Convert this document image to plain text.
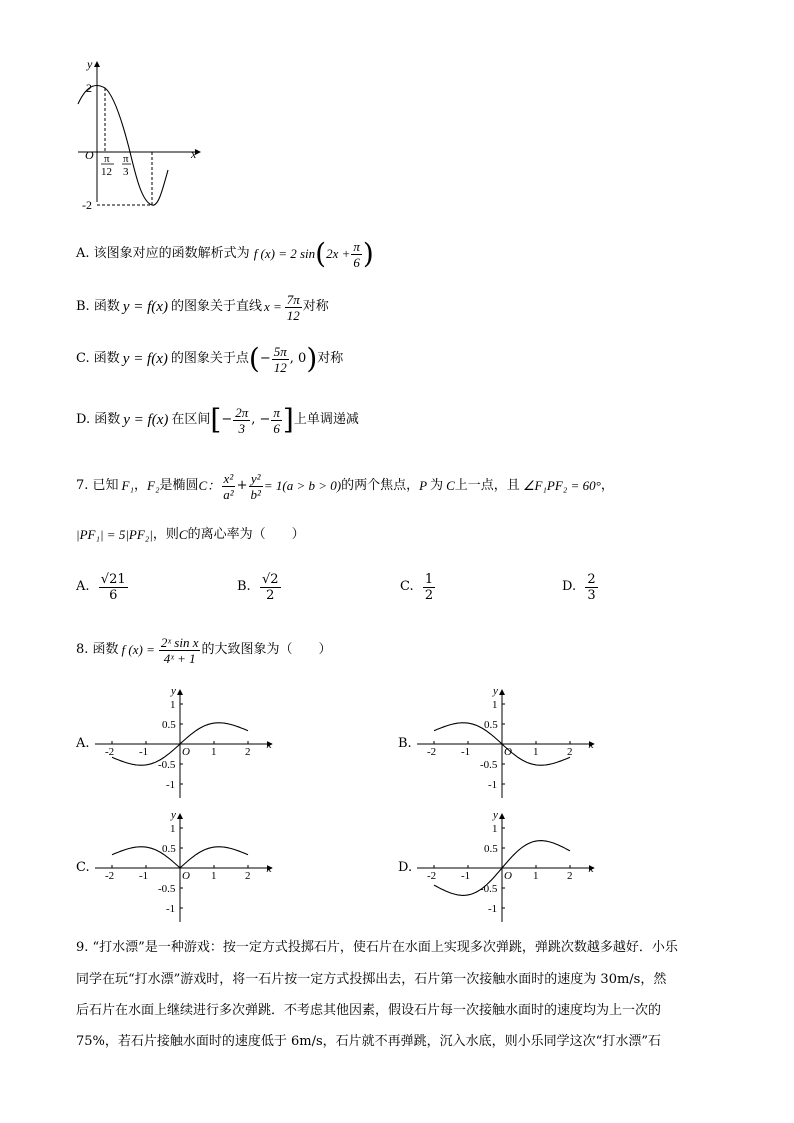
y
x
O
2
-2
π
12
π
3
A.
该图象对应的函数解析式为 f (x) = 2 sin ( $2x + \frac{\pi}{6}$ )
B.
函数 y = f(x) 的图象关于直线 $x = \frac{7\pi}{12}$ 对称
C.
函数 y = f(x) 的图象关于点 ( − $\frac{5\pi}{12}$ , 0 ) 对称
D.
函数 y = f(x) 在区间 [ − $\frac{2\pi}{3}$ , − $\frac{\pi}{6}$ ] 上单调递减
7. 已知 F₁ ， F₂ 是椭圆 C： $\frac{\text{x²}}{\text{a²}} + \frac{\text{y²}}{\text{b²}} = 1(a > b > 0)$ 的两个焦点， P 为 C 上一点，且 ∠F₁PF₂ = 60° ，
|PF₁| = 5|PF₂| ，则 C 的离心率为（　　）
A.
$\frac{√21}{6}$	B.
$\frac{√2}{2}$	C.
$\frac{1}{2}$	D.
$\frac{2}{3}$
8. 函数 f $(x) = \frac{\text{2ˣ sin x}}{\text{4ˣ + 1}}$ 的大致图象为（　　）
A.	B.
C.	D.
y
x
O
1
0.5
-0.5
-1
-2 -1	1	2
y
x
O
1
0.5
-0.5
-1
-2 -1	1	2
y
x
O
1
0.5
-0.5
-1
-2 -1	1	2
y
x
O
1
0.5
-0.5
-1
-2 -1	1	2
9. “打水漂”是一种游戏：按一定方式投掷石片，使石片在水面上实现多次弹跳，弹跳次数越多越好．小乐
同学在玩“打水漂”游戏时，将一石片按一定方式投掷出去，石片第一次接触水面时的速度为 30m/s，然
后石片在水面上继续进行多次弹跳．不考虑其他因素，假设石片每一次接触水面时的速度均为上一次的
75%，若石片接触水面时的速度低于 6m/s，石片就不再弹跳，沉入水底，则小乐同学这次“打水漂”石
